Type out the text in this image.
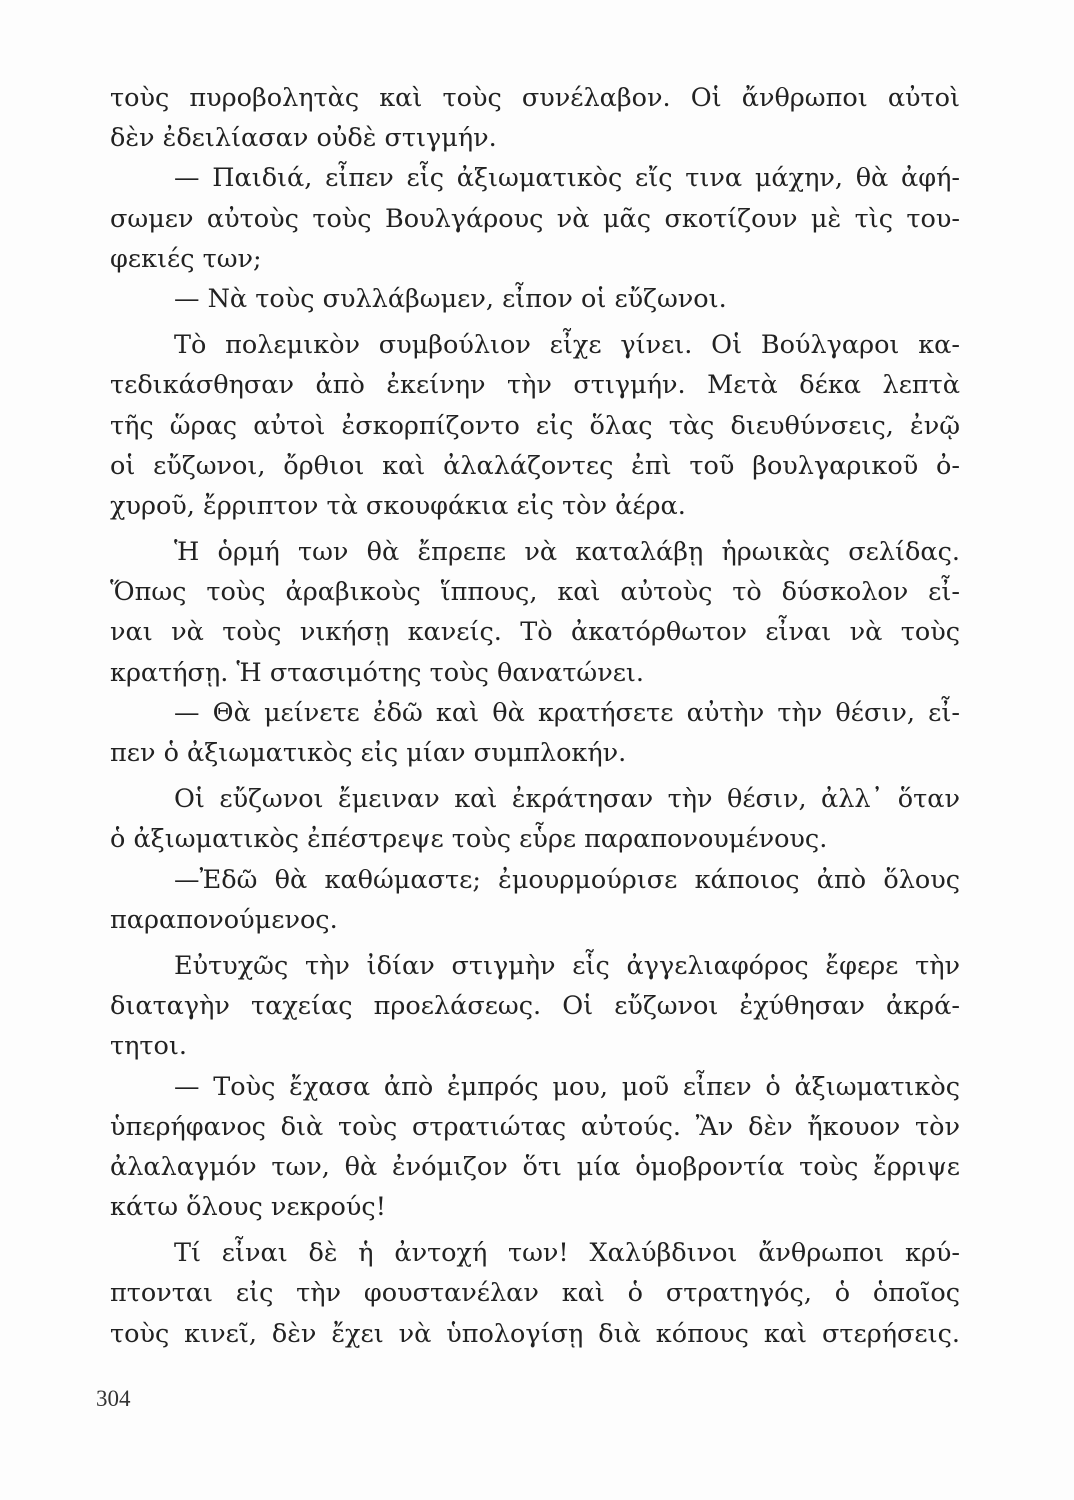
τοὺς πυροβολητὰς καὶ τοὺς συνέλαβον. Οἱ ἄνθρωποι αὐτοὶ
δὲν ἐδειλίασαν οὐδὲ στιγμήν.
— Παιδιά, εἶπεν εἷς ἀξιωματικὸς εἴς τινα μάχην, θὰ ἀφή-
σωμεν αὐτοὺς τοὺς Βουλγάρους νὰ μᾶς σκοτίζουν μὲ τὶς του-
φεκιές των;
— Νὰ τοὺς συλλάβωμεν, εἶπον οἱ εὔζωνοι.
Τὸ πολεμικὸν συμβούλιον εἶχε γίνει. Οἱ Βούλγαροι κα-
τεδικάσθησαν ἀπὸ ἐκείνην τὴν στιγμήν. Μετὰ δέκα λεπτὰ
τῆς ὥρας αὐτοὶ ἐσκορπίζοντο εἰς ὅλας τὰς διευθύνσεις, ἐνῷ
οἱ εὔζωνοι, ὄρθιοι καὶ ἀλαλάζοντες ἐπὶ τοῦ βουλγαρικοῦ ὀ-
χυροῦ, ἔρριπτον τὰ σκουφάκια εἰς τὸν ἀέρα.
Ἡ ὁρμή των θὰ ἔπρεπε νὰ καταλάβῃ ἡρωικὰς σελίδας.
Ὅπως τοὺς ἀραβικοὺς ἵππους, καὶ αὐτοὺς τὸ δύσκολον εἶ-
ναι νὰ τοὺς νικήσῃ κανείς. Τὸ ἀκατόρθωτον εἶναι νὰ τοὺς
κρατήσῃ. Ἡ στασιμότης τοὺς θανατώνει.
— Θὰ μείνετε ἐδῶ καὶ θὰ κρατήσετε αὐτὴν τὴν θέσιν, εἶ-
πεν ὁ ἀξιωματικὸς εἰς μίαν συμπλοκήν.
Οἱ εὔζωνοι ἔμειναν καὶ ἐκράτησαν τὴν θέσιν, ἀλλ᾽ ὅταν
ὁ ἀξιωματικὸς ἐπέστρεψε τοὺς εὗρε παραπονουμένους.
—Ἐδῶ θὰ καθώμαστε; ἐμουρμούρισε κάποιος ἀπὸ ὅλους
παραπονούμενος.
Εὐτυχῶς τὴν ἰδίαν στιγμὴν εἷς ἀγγελιαφόρος ἔφερε τὴν
διαταγὴν ταχείας προελάσεως. Οἱ εὔζωνοι ἐχύθησαν ἀκρά-
τητοι.
— Τοὺς ἔχασα ἀπὸ ἐμπρός μου, μοῦ εἶπεν ὁ ἀξιωματικὸς
ὑπερήφανος διὰ τοὺς στρατιώτας αὐτούς. Ἂν δὲν ἤκουον τὸν
ἀλαλαγμόν των, θὰ ἐνόμιζον ὅτι μία ὁμοβροντία τοὺς ἔρριψε
κάτω ὅλους νεκρούς!
Τί εἶναι δὲ ἡ ἀντοχή των! Χαλύβδινοι ἄνθρωποι κρύ-
πτονται εἰς τὴν φουστανέλαν καὶ ὁ στρατηγός, ὁ ὁποῖος
τοὺς κινεῖ, δὲν ἔχει νὰ ὑπολογίσῃ διὰ κόπους καὶ στερήσεις.
304
